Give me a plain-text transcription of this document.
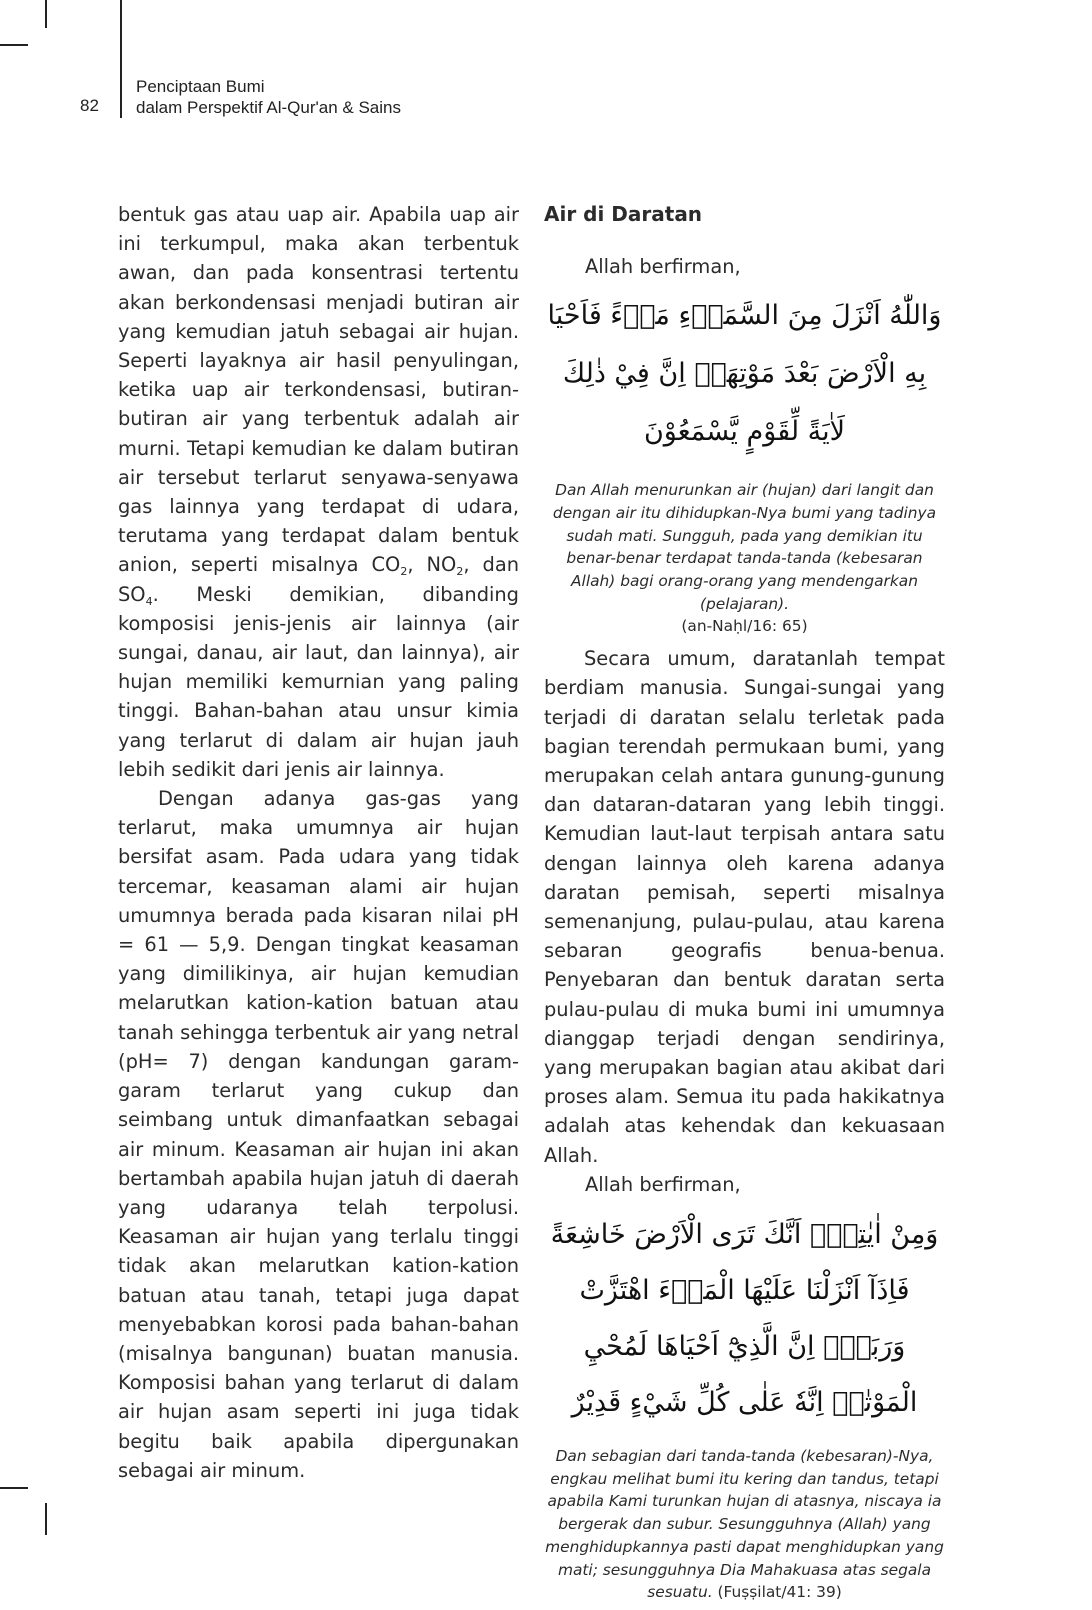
82
Penciptaan Bumi
dalam Perspektif Al-Qur'an & Sains

bentuk gas atau uap air. Apabila uap air ini terkumpul, maka akan terbentuk awan, dan pada konsentrasi tertentu akan berkondensasi menjadi butiran air yang kemudian jatuh sebagai air hujan. Seperti layaknya air hasil penyulingan, ketika uap air terkondensasi, butiran-butiran air yang terbentuk adalah air murni. Tetapi kemudian ke dalam butiran air tersebut terlarut senyawa-senyawa gas lainnya yang terdapat di udara, terutama yang terdapat dalam bentuk anion, seperti misalnya $CO_2$, $NO_2$, dan $SO_4$. Meski demikian, dibanding komposisi jenis-jenis air lainnya (air sungai, danau, air laut, dan lainnya), air hujan memiliki kemurnian yang paling tinggi. Bahan-bahan atau unsur kimia yang terlarut di dalam air hujan jauh lebih sedikit dari jenis air lainnya.

Dengan adanya gas-gas yang terlarut, maka umumnya air hujan bersifat asam. Pada udara yang tidak tercemar, keasaman alami air hujan umumnya berada pada kisaran nilai pH = 61 — 5,9. Dengan tingkat keasaman yang dimilikinya, air hujan kemudian melarutkan kation-kation batuan atau tanah sehingga terbentuk air yang netral (pH= 7) dengan kandungan garam-garam terlarut yang cukup dan seimbang untuk dimanfaatkan sebagai air minum. Keasaman air hujan ini akan bertambah apabila hujan jatuh di daerah yang udaranya telah terpolusi. Keasaman air hujan yang terlalu tinggi tidak akan melarutkan kation-kation batuan atau tanah, tetapi juga dapat menyebabkan korosi pada bahan-bahan (misalnya bangunan) buatan manusia. Komposisi bahan yang terlarut di dalam air hujan asam seperti ini juga tidak begitu baik apabila dipergunakan sebagai air minum.

Air di Daratan

Allah berfirman,

وَاللّٰهُ اَنْزَلَ مِنَ السَّمَاۤءِ مَاۤءً فَاَحْيَا بِهِ الْاَرْضَ بَعْدَ مَوْتِهَاۗ اِنَّ فِيْ ذٰلِكَ لَاٰيَةً لِّقَوْمٍ يَّسْمَعُوْنَ

Dan Allah menurunkan air (hujan) dari langit dan dengan air itu dihidupkan-Nya bumi yang tadinya sudah mati. Sungguh, pada yang demikian itu benar-benar terdapat tanda-tanda (kebesaran Allah) bagi orang-orang yang mendengarkan (pelajaran).
(an-Naḥl/16: 65)

Secara umum, daratanlah tempat berdiam manusia. Sungai-sungai yang terjadi di daratan selalu terletak pada bagian terendah permukaan bumi, yang merupakan celah antara gunung-gunung dan dataran-dataran yang lebih tinggi. Kemudian laut-laut terpisah antara satu dengan lainnya oleh karena adanya daratan pemisah, seperti misalnya semenanjung, pulau-pulau, atau karena sebaran geografis benua-benua. Penyebaran dan bentuk daratan serta pulau-pulau di muka bumi ini umumnya dianggap terjadi dengan sendirinya, yang merupakan bagian atau akibat dari proses alam. Semua itu pada hakikatnya adalah atas kehendak dan kekuasaan Allah.

Allah berfirman,

وَمِنْ اٰيٰتِهٖٓ اَنَّكَ تَرَى الْاَرْضَ خَاشِعَةً فَاِذَآ اَنْزَلْنَا عَلَيْهَا الْمَاۤءَ اهْتَزَّتْ وَرَبَتْۗ اِنَّ الَّذِيْٓ اَحْيَاهَا لَمُحْيِ الْمَوْتٰىۗ اِنَّهٗ عَلٰى كُلِّ شَيْءٍ قَدِيْرٌ

Dan sebagian dari tanda-tanda (kebesaran)-Nya, engkau melihat bumi itu kering dan tandus, tetapi apabila Kami turunkan hujan di atasnya, niscaya ia bergerak dan subur. Sesungguhnya (Allah) yang menghidupkannya pasti dapat menghidupkan yang mati; sesungguhnya Dia Mahakuasa atas segala sesuatu. (Fuṣṣilat/41: 39)
